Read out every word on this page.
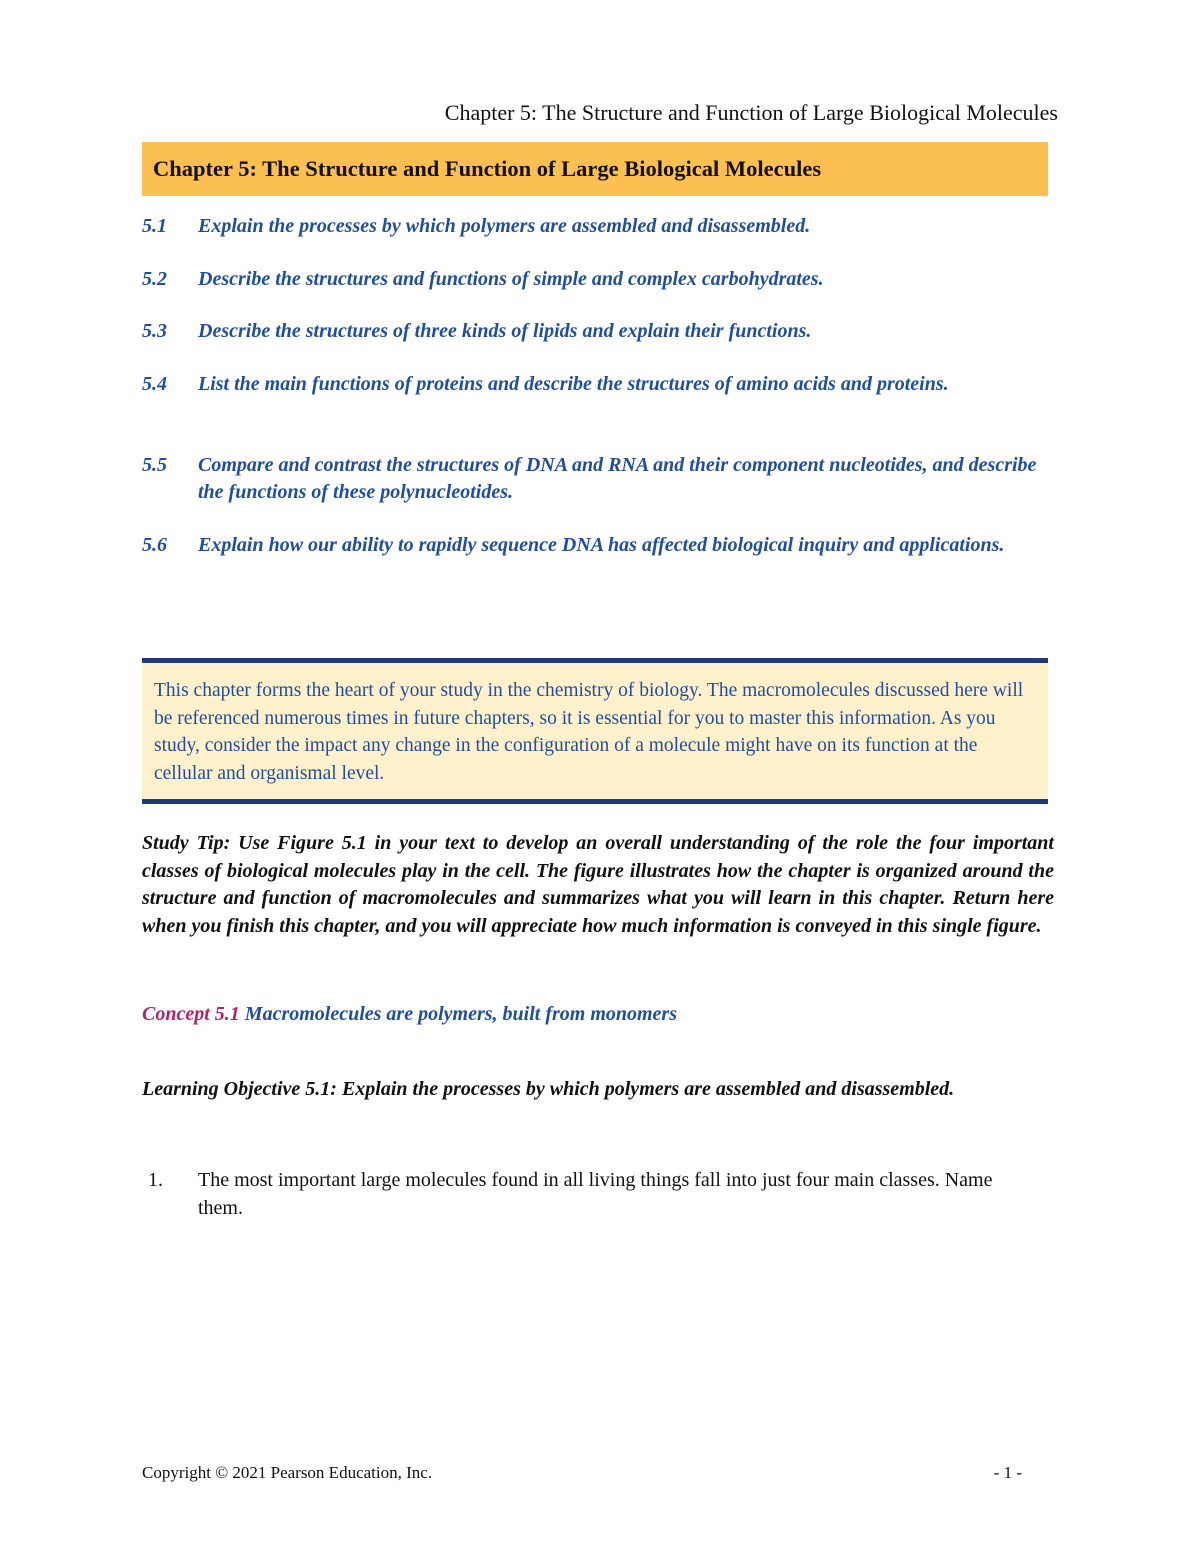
Chapter 5: The Structure and Function of Large Biological Molecules
Chapter 5: The Structure and Function of Large Biological Molecules
5.1	Explain the processes by which polymers are assembled and disassembled.
5.2	Describe the structures and functions of simple and complex carbohydrates.
5.3	Describe the structures of three kinds of lipids and explain their functions.
5.4	List the main functions of proteins and describe the structures of amino acids and proteins.
5.5	Compare and contrast the structures of DNA and RNA and their component nucleotides, and describe the functions of these polynucleotides.
5.6	Explain how our ability to rapidly sequence DNA has affected biological inquiry and applications.
This chapter forms the heart of your study in the chemistry of biology. The macromolecules discussed here will be referenced numerous times in future chapters, so it is essential for you to master this information. As you study, consider the impact any change in the configuration of a molecule might have on its function at the cellular and organismal level.
Study Tip: Use Figure 5.1 in your text to develop an overall understanding of the role the four important classes of biological molecules play in the cell. The figure illustrates how the chapter is organized around the structure and function of macromolecules and summarizes what you will learn in this chapter. Return here when you finish this chapter, and you will appreciate how much information is conveyed in this single figure.
Concept 5.1 Macromolecules are polymers, built from monomers
Learning Objective 5.1: Explain the processes by which polymers are assembled and disassembled.
1.	The most important large molecules found in all living things fall into just four main classes. Name them.
Copyright © 2021 Pearson Education, Inc.	- 1 -
